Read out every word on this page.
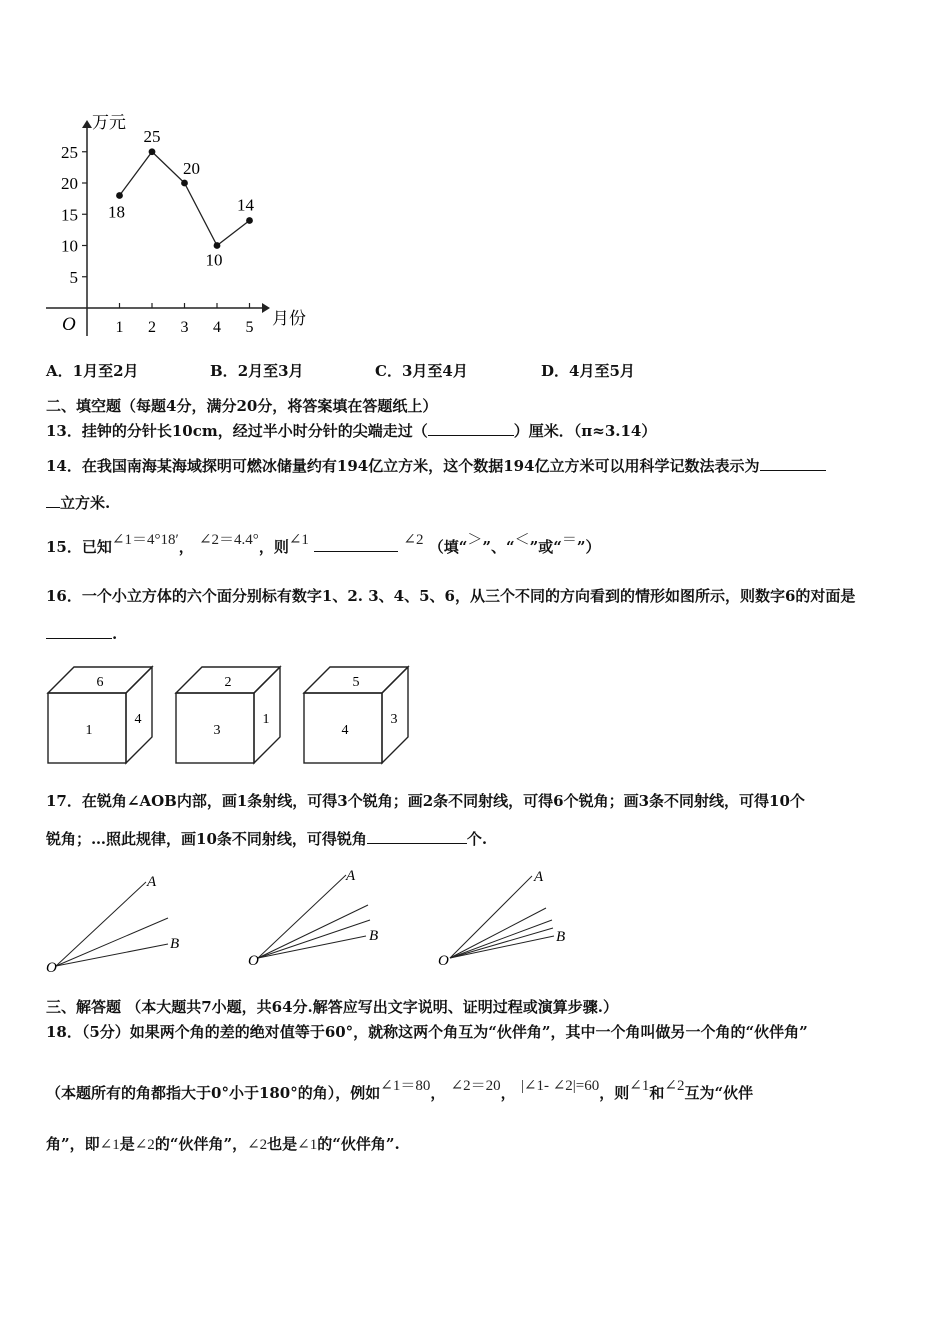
万元
月份
O
5
10
15
20
25
1 2 3 4 5
18
25
20
10
14
A．1月至2月	B．2月至3月	C．3月至4月	D．4月至5月
二、填空题（每题4分，满分20分，将答案填在答题纸上）
13．挂钟的分针长10cm，经过半小时分针的尖端走过（	）厘米．（π≈3.14）
14．在我国南海某海域探明可燃冰储量约有194亿立方米，这个数据194亿立方米可以用科学记数法表示为
立方米.
15．已知∠1＝4°18′， ∠2＝4.4°，则∠1	∠2 （填“＞”、“＜”或“＝”）
16．一个小立方体的六个面分别标有数字1、2. 3、4、5、6，从三个不同的方向看到的情形如图所示，则数字6的对面是
.
6
1
4
2
3
1
5
4
3
17．在锐角∠AOB内部，画1条射线，可得3个锐角；画2条不同射线，可得6个锐角；画3条不同射线，可得10个
锐角；…照此规律，画10条不同射线，可得锐角	个.
A
B
O
A
B
O
A
B
O
三、解答题 （本大题共7小题，共64分.解答应写出文字说明、证明过程或演算步骤.）
18．（5分）如果两个角的差的绝对值等于60°，就称这两个角互为“伙伴角”，其中一个角叫做另一个角的“伙伴角”
（本题所有的角都指大于0°小于180°的角），例如∠1＝80， ∠2＝20， |∠1- ∠2|=60，则∠1和∠2互为“伙伴
角”，即∠1是∠2的“伙伴角”，∠2也是∠1的“伙伴角”.
